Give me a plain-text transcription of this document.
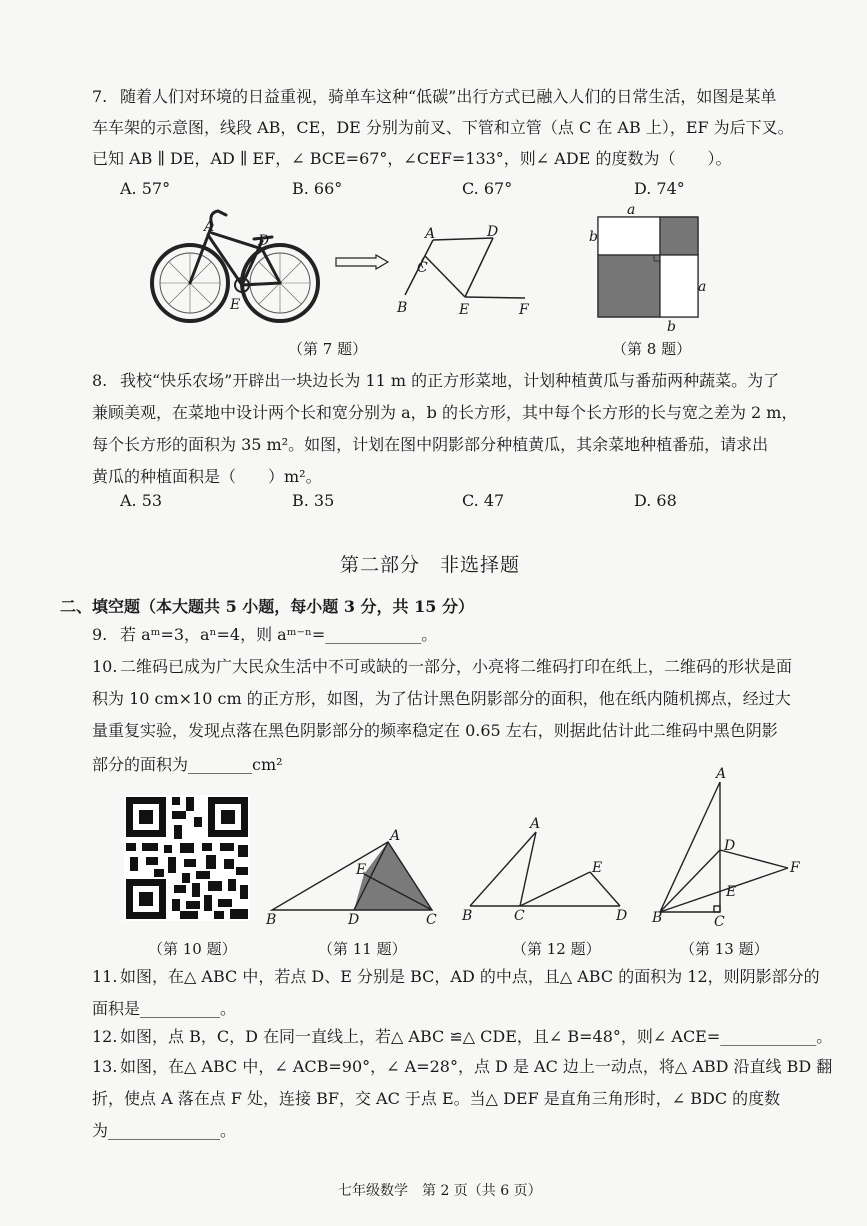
7. 随着人们对环境的日益重视，骑单车这种“低碳”出行方式已融入人们的日常生活，如图是某单
车车架的示意图，线段 AB，CE，DE 分别为前叉、下管和立管（点 C 在 AB 上），EF 为后下叉。
已知 AB ∥ DE，AD ∥ EF，∠ BCE=67°，∠CEF=133°，则∠ ADE 的度数为（　　）。
A. 57°	B. 66°	C. 67°	D. 74°
A
D
E
A	D
C
B	E	F
a
b
a
b
（第 7 题）	（第 8 题）
8. 我校“快乐农场”开辟出一块边长为 11 m 的正方形菜地，计划种植黄瓜与番茄两种蔬菜。为了
兼顾美观，在菜地中设计两个长和宽分别为 a，b 的长方形，其中每个长方形的长与宽之差为 2 m，
每个长方形的面积为 35 m²。如图，计划在图中阴影部分种植黄瓜，其余菜地种植番茄，请求出
黄瓜的种植面积是（　　）m²。
A. 53	B. 35	C. 47	D. 68
第二部分　非选择题
二、填空题（本大题共 5 小题，每小题 3 分，共 15 分）
9. 若 aᵐ=3，aⁿ=4，则 aᵐ⁻ⁿ=____________。
10. 二维码已成为广大民众生活中不可或缺的一部分，小亮将二维码打印在纸上，二维码的形状是面
积为 10 cm×10 cm 的正方形，如图，为了估计黑色阴影部分的面积，他在纸内随机掷点，经过大
量重复实验，发现点落在黑色阴影部分的频率稳定在 0.65 左右，则据此估计此二维码中黑色阴影
部分的面积为________cm²
A
E
B	D	C
A
E
B	C	D
A
D
F
E
B	C
（第 10 题）	（第 11 题）	（第 12 题）	（第 13 题）
11. 如图，在△ ABC 中，若点 D、E 分别是 BC，AD 的中点，且△ ABC 的面积为 12，则阴影部分的
面积是__________。
12. 如图，点 B，C，D 在同一直线上，若△ ABC ≌△ CDE，且∠ B=48°，则∠ ACE=____________。
13. 如图，在△ ABC 中，∠ ACB=90°，∠ A=28°，点 D 是 AC 边上一动点，将△ ABD 沿直线 BD 翻
折，使点 A 落在点 F 处，连接 BF，交 AC 于点 E。当△ DEF 是直角三角形时，∠ BDC 的度数
为______________。
七年级数学　第 2 页（共 6 页）
